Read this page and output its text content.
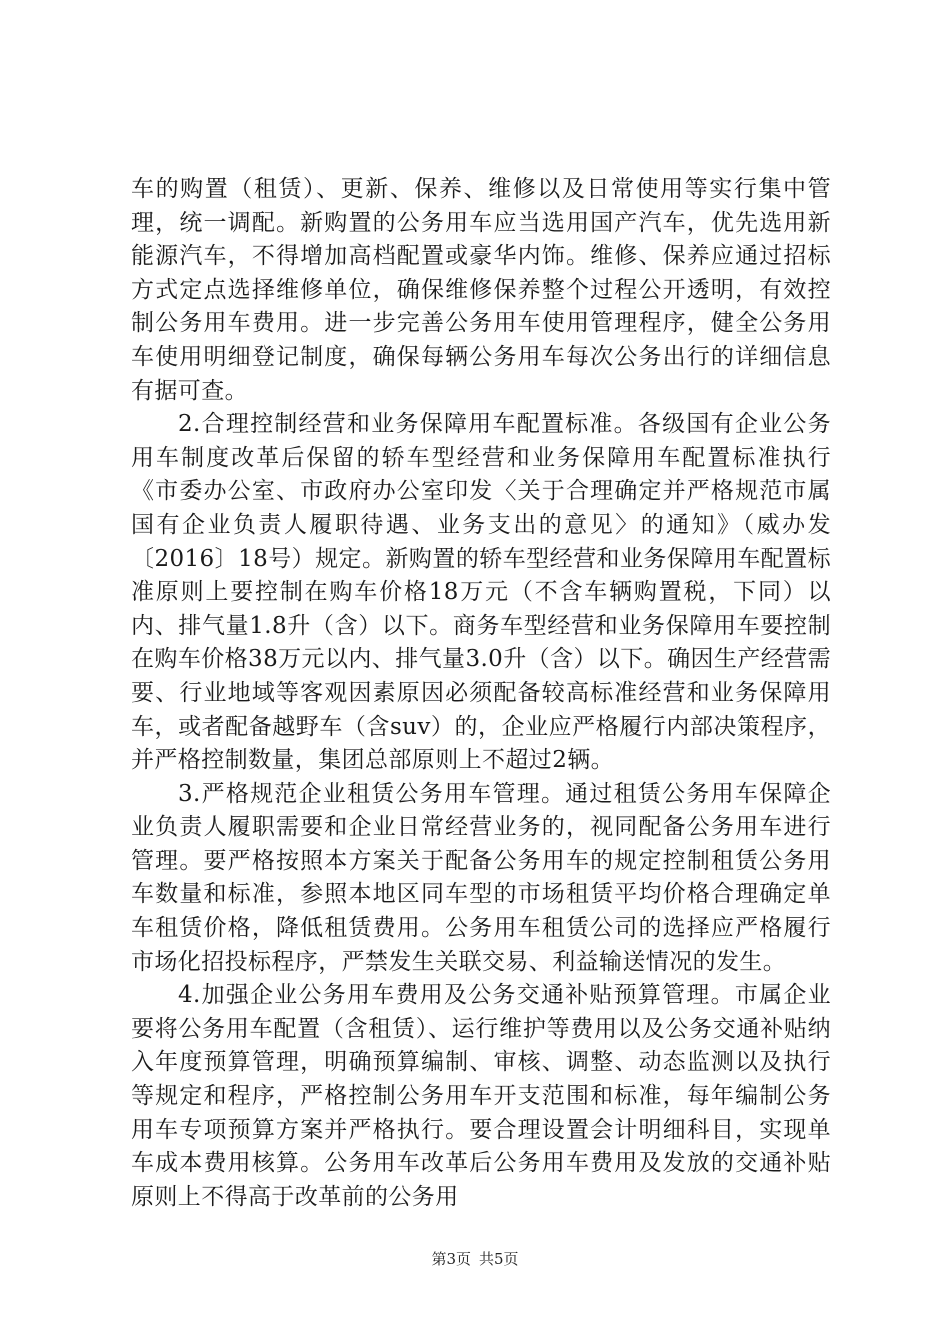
车的购置（租赁）、更新、保养、维修以及日常使用等实行集中管理，统一调配。新购置的公务用车应当选用国产汽车，优先选用新能源汽车，不得增加高档配置或豪华内饰。维修、保养应通过招标方式定点选择维修单位，确保维修保养整个过程公开透明，有效控制公务用车费用。进一步完善公务用车使用管理程序，健全公务用车使用明细登记制度，确保每辆公务用车每次公务出行的详细信息有据可查。

2.合理控制经营和业务保障用车配置标准。各级国有企业公务用车制度改革后保留的轿车型经营和业务保障用车配置标准执行《市委办公室、市政府办公室印发〈关于合理确定并严格规范市属国有企业负责人履职待遇、业务支出的意见〉的通知》（威办发〔2016〕18号）规定。新购置的轿车型经营和业务保障用车配置标准原则上要控制在购车价格18万元（不含车辆购置税，下同）以内、排气量1.8升（含）以下。商务车型经营和业务保障用车要控制在购车价格38万元以内、排气量3.0升（含）以下。确因生产经营需要、行业地域等客观因素原因必须配备较高标准经营和业务保障用车，或者配备越野车（含suv）的，企业应严格履行内部决策程序，并严格控制数量，集团总部原则上不超过2辆。

3.严格规范企业租赁公务用车管理。通过租赁公务用车保障企业负责人履职需要和企业日常经营业务的，视同配备公务用车进行管理。要严格按照本方案关于配备公务用车的规定控制租赁公务用车数量和标准，参照本地区同车型的市场租赁平均价格合理确定单车租赁价格，降低租赁费用。公务用车租赁公司的选择应严格履行市场化招投标程序，严禁发生关联交易、利益输送情况的发生。

4.加强企业公务用车费用及公务交通补贴预算管理。市属企业要将公务用车配置（含租赁）、运行维护等费用以及公务交通补贴纳入年度预算管理，明确预算编制、审核、调整、动态监测以及执行等规定和程序，严格控制公务用车开支范围和标准，每年编制公务用车专项预算方案并严格执行。要合理设置会计明细科目，实现单车成本费用核算。公务用车改革后公务用车费用及发放的交通补贴原则上不得高于改革前的公务用

第3页 共5页
